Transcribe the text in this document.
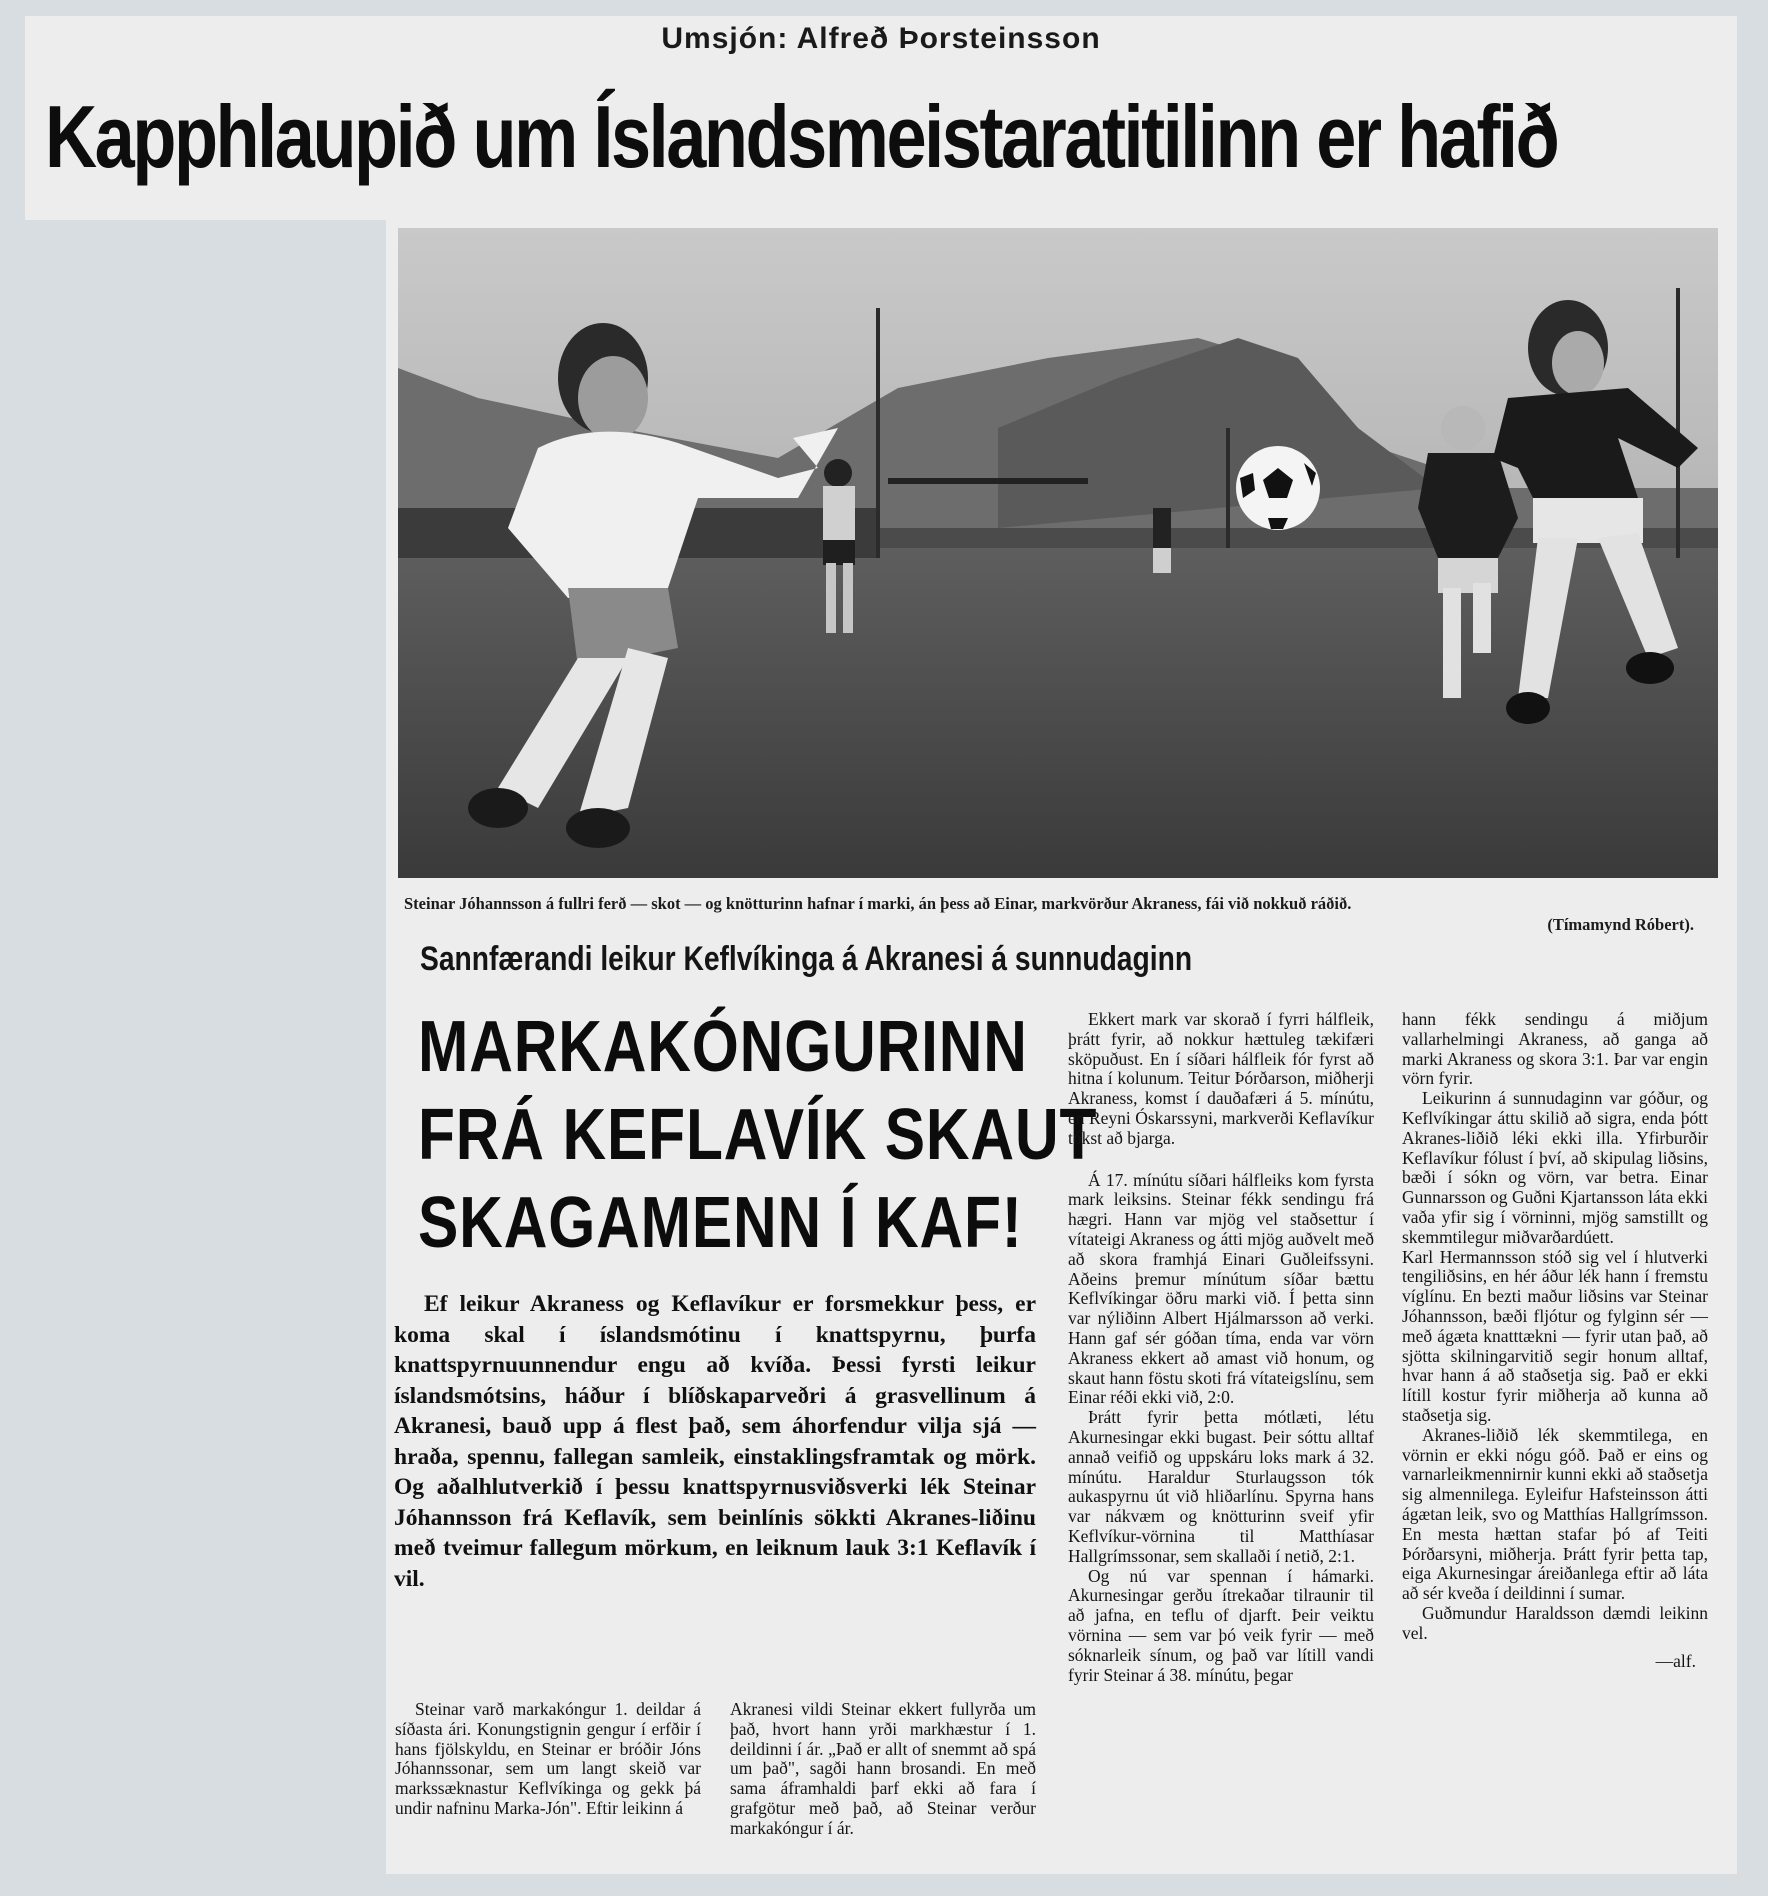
Umsjón: Alfreð Þorsteinsson
Kapphlaupið um Íslandsmeistaratitilinn er hafið
Steinar Jóhannsson á fullri ferð — skot — og knötturinn hafnar í marki, án þess að Einar, markvörður Akraness, fái við nokkuð ráðið.
(Tímamynd Róbert).
Sannfærandi leikur Keflvíkinga á Akranesi á sunnudaginn
MARKAKÓNGURINN
FRÁ KEFLAVÍK SKAUT
SKAGAMENN Í KAF!
Ef leikur Akraness og Keflavíkur er forsmekkur þess, er koma skal í íslandsmótinu í knattspyrnu, þurfa knattspyrnuunnendur engu að kvíða. Þessi fyrsti leikur íslandsmótsins, háður í blíðskaparveðri á grasvellinum á Akranesi, bauð upp á flest það, sem áhorfendur vilja sjá — hraða, spennu, fallegan samleik, einstaklingsframtak og mörk. Og aðalhlutverkið í þessu knattspyrnusviðsverki lék Steinar Jóhannsson frá Keflavík, sem beinlínis sökkti Akranes-liðinu með tveimur fallegum mörkum, en leiknum lauk 3:1 Keflavík í vil.

Steinar varð markakóngur 1. deildar á síðasta ári. Konungstignin gengur í erfðir í hans fjölskyldu, en Steinar er bróðir Jóns Jóhannssonar, sem um langt skeið var markssæknastur Keflvíkinga og gekk þá undir nafninu Marka-Jón". Eftir leikinn á

Akranesi vildi Steinar ekkert fullyrða um það, hvort hann yrði markhæstur í 1. deildinni í ár. „Það er allt of snemmt að spá um það", sagði hann brosandi. En með sama áframhaldi þarf ekki að fara í grafgötur með það, að Steinar verður markakóngur í ár.

Ekkert mark var skorað í fyrri hálfleik, þrátt fyrir, að nokkur hættuleg tækifæri sköpuðust. En í síðari hálfleik fór fyrst að hitna í kolunum. Teitur Þórðarson, miðherji Akraness, komst í dauðafæri á 5. mínútu, en Reyni Óskarssyni, markverði Keflavíkur tókst að bjarga.

Á 17. mínútu síðari hálfleiks kom fyrsta mark leiksins. Steinar fékk sendingu frá hægri. Hann var mjög vel staðsettur í vítateigi Akraness og átti mjög auðvelt með að skora framhjá Einari Guðleifssyni. Aðeins þremur mínútum síðar bættu Keflvíkingar öðru marki við. Í þetta sinn var nýliðinn Albert Hjálmarsson að verki. Hann gaf sér góðan tíma, enda var vörn Akraness ekkert að amast við honum, og skaut hann föstu skoti frá vítateigslínu, sem Einar réði ekki við, 2:0.

Þrátt fyrir þetta mótlæti, létu Akurnesingar ekki bugast. Þeir sóttu alltaf annað veifið og uppskáru loks mark á 32. mínútu. Haraldur Sturlaugsson tók aukaspyrnu út við hliðarlínu. Spyrna hans var nákvæm og knötturinn sveif yfir Keflvíkur-vörnina til Matthíasar Hallgrímssonar, sem skallaði í netið, 2:1.

Og nú var spennan í hámarki. Akurnesingar gerðu ítrekaðar tilraunir til að jafna, en teflu of djarft. Þeir veiktu vörnina — sem var þó veik fyrir — með sóknarleik sínum, og það var lítill vandi fyrir Steinar á 38. mínútu, þegar

hann fékk sendingu á miðjum vallarhelmingi Akraness, að ganga að marki Akraness og skora 3:1. Þar var engin vörn fyrir.

Leikurinn á sunnudaginn var góður, og Keflvíkingar áttu skilið að sigra, enda þótt Akranes-liðið léki ekki illa. Yfirburðir Keflavíkur fólust í því, að skipulag liðsins, bæði í sókn og vörn, var betra. Einar Gunnarsson og Guðni Kjartansson láta ekki vaða yfir sig í vörninni, mjög samstillt og skemmtilegur miðvarðardúett.

Karl Hermannsson stóð sig vel í hlutverki tengiliðsins, en hér áður lék hann í fremstu víglínu. En bezti maður liðsins var Steinar Jóhannsson, bæði fljótur og fylginn sér — með ágæta knatttækni — fyrir utan það, að sjötta skilningarvitið segir honum alltaf, hvar hann á að staðsetja sig. Það er ekki lítill kostur fyrir miðherja að kunna að staðsetja sig.

Akranes-liðið lék skemmtilega, en vörnin er ekki nógu góð. Það er eins og varnarleikmennirnir kunni ekki að staðsetja sig almennilega. Eyleifur Hafsteinsson átti ágætan leik, svo og Matthías Hallgrímsson. En mesta hættan stafar þó af Teiti Þórðarsyni, miðherja. Þrátt fyrir þetta tap, eiga Akurnesingar áreiðanlega eftir að láta að sér kveða í deildinni í sumar.

Guðmundur Haraldsson dæmdi leikinn vel.

—alf.
